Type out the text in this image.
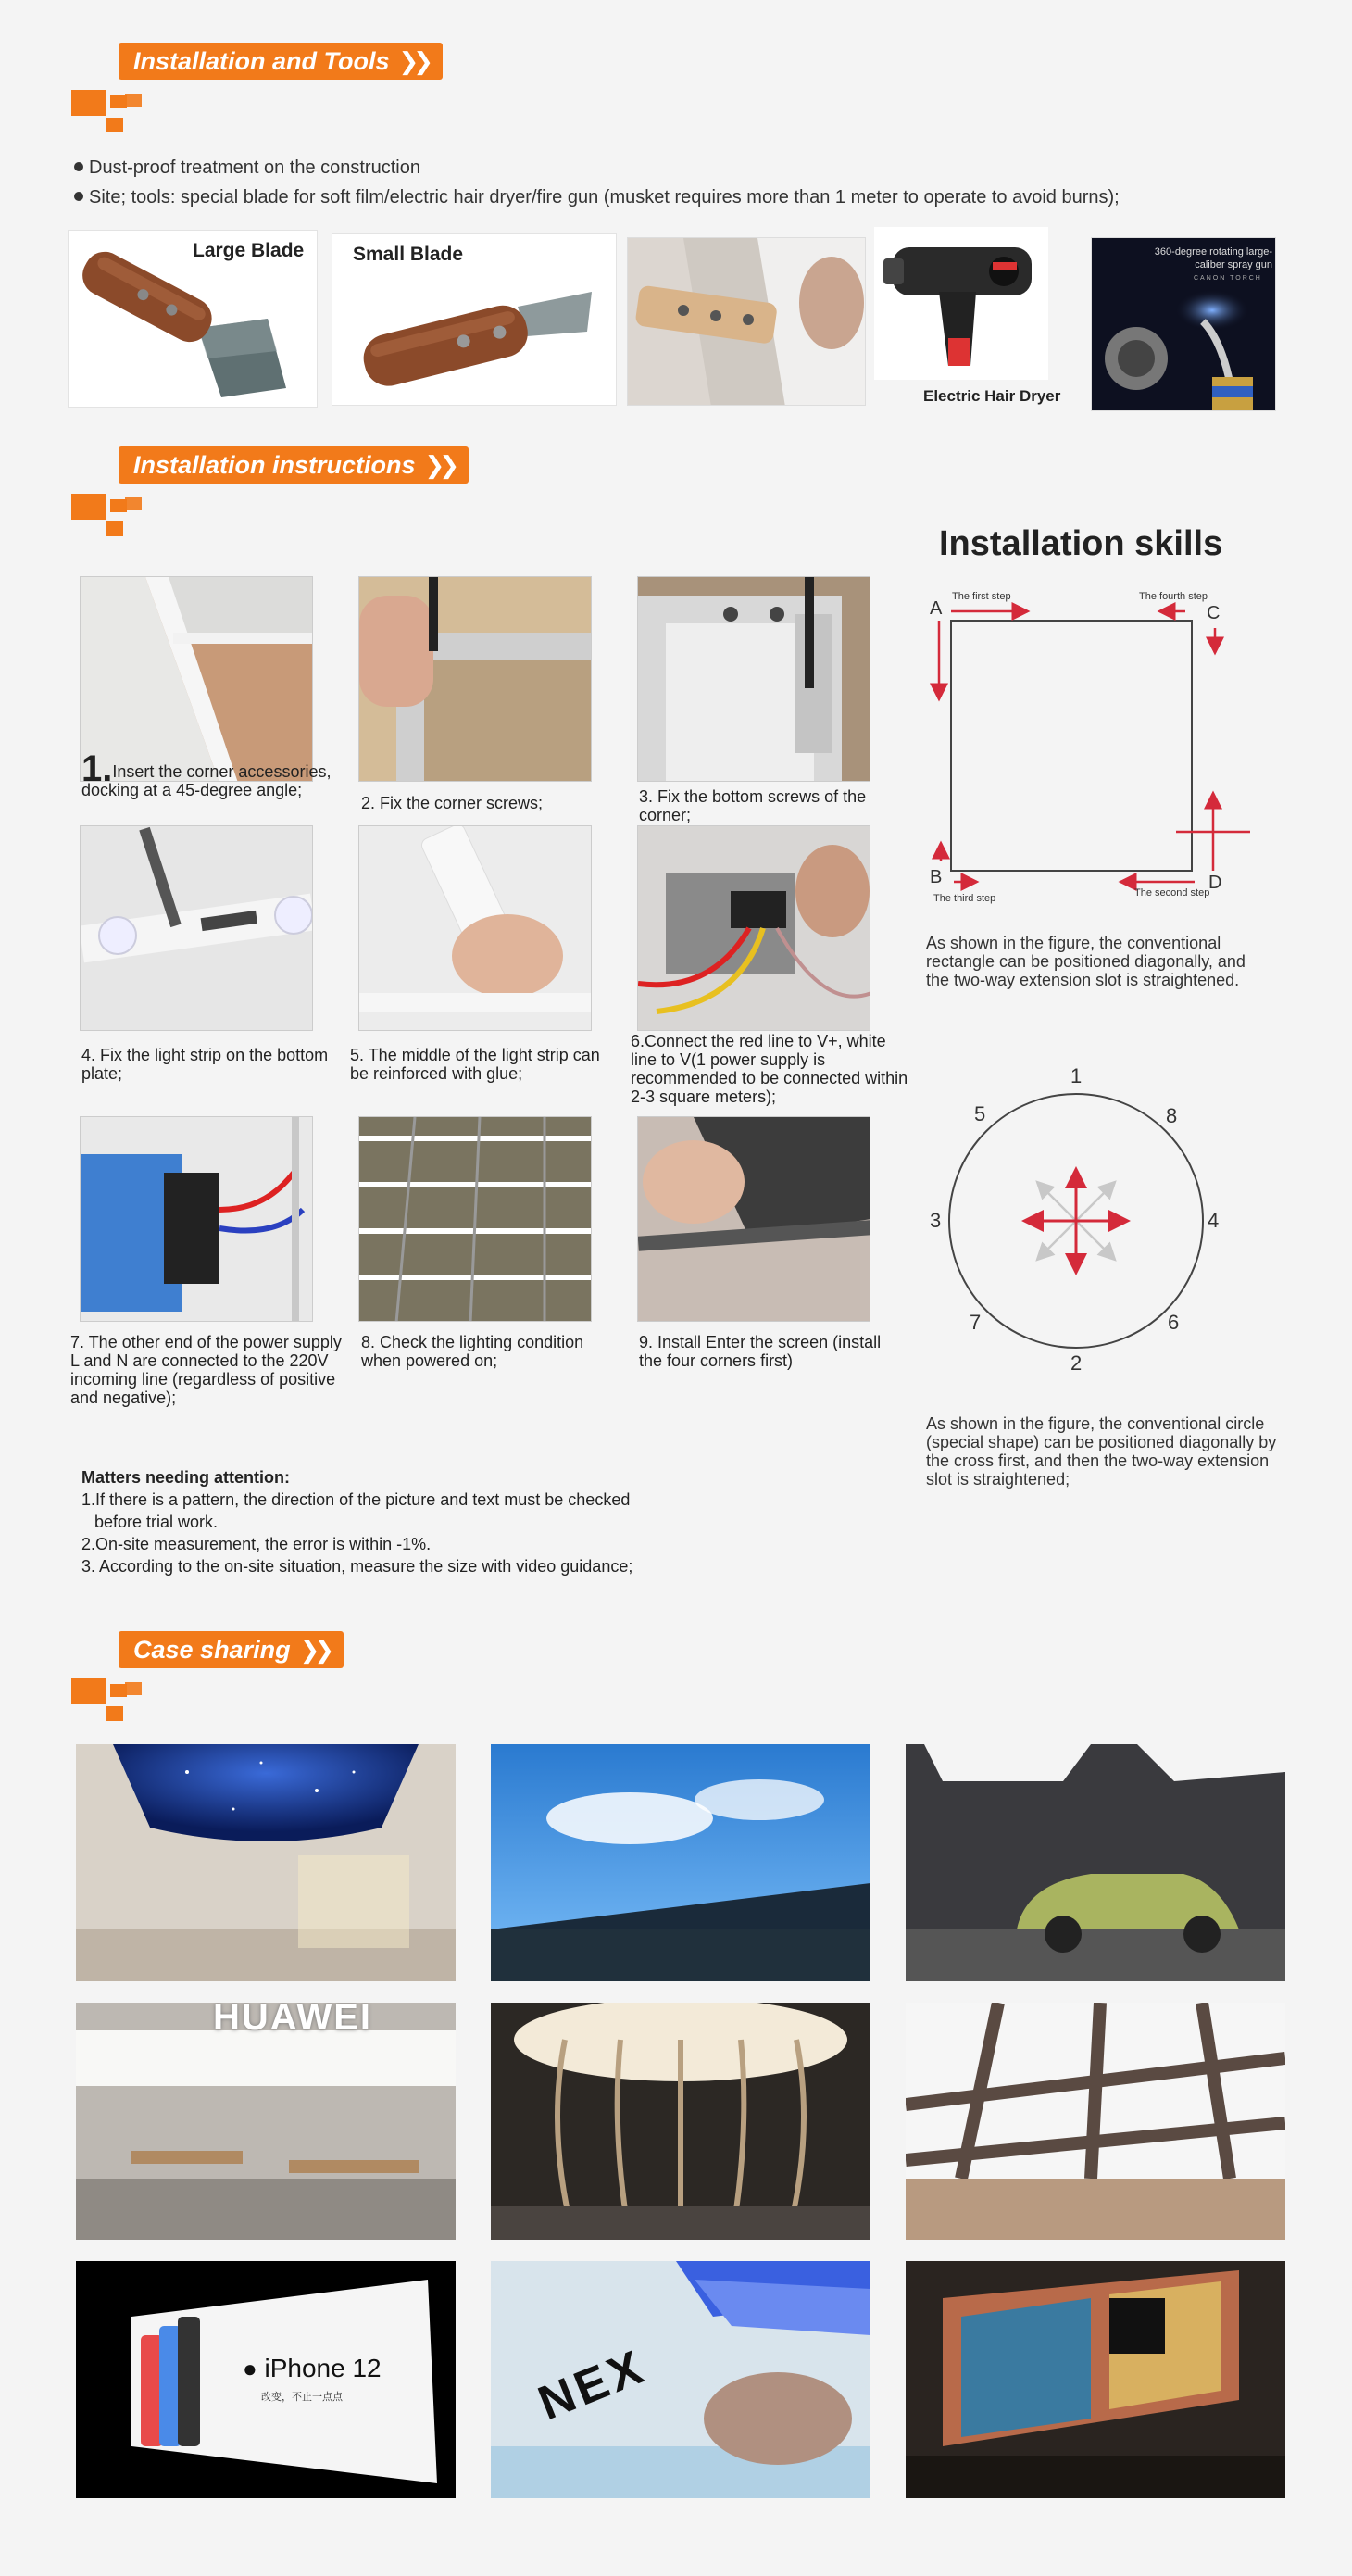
Installation and Tools ❯❯
Dust-proof treatment on the construction
Site; tools: special blade for soft film/electric hair dryer/fire gun (musket requires more than 1 meter to operate to avoid burns);
Large Blade	Small Blade
Electric Hair Dryer
360-degree rotating large-caliber spray gun
CANON TORCH
Installation instructions ❯❯
1.Insert the corner accessories, docking at a 45-degree angle;
2. Fix the corner screws;	3. Fix the bottom screws of the corner;
4. Fix the light strip on the bottom plate;
5. The middle of the light strip can be reinforced with glue;
6.Connect the red line to V+, white line to V(1 power supply is recommended to be connected within 2-3 square meters);
7. The other end of the power supply L and N are connected to the 220V incoming line (regardless of positive and negative);
8. Check the lighting condition when powered on;
9. Install Enter the screen (install the four corners first)
Matters needing attention:
1.If there is a pattern, the direction of the picture and text must be checked
before trial work.
2.On-site measurement, the error is within -1%.
3. According to the on-site situation, measure the size with video guidance;
Installation skills
A	C
B	D
The first step	The fourth step
The third step	The second step
As shown in the figure, the conventional rectangle can be positioned diagonally, and the two-way extension slot is straightened.
1
2
3	4
5
6
7
8
As shown in the figure, the conventional circle (special shape) can be positioned diagonally by the cross first, and then the two-way extension slot is straightened;
Case sharing ❯❯
HUAWEI
● iPhone 12
改变，不止一点点	NEX
